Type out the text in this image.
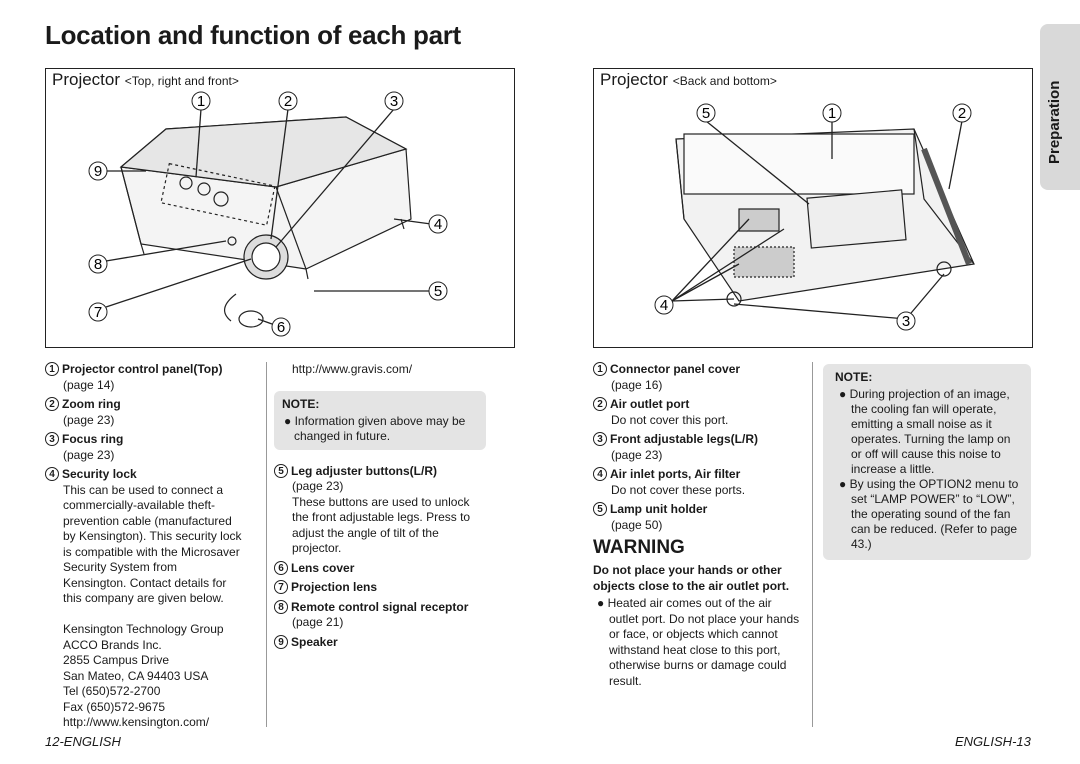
Location and function of each part
Preparation
Projector <Top, right and front>
1	2	3
4
5
6
7
8
9
Projector <Back and bottom>
5	1	2
4
3
1 Projector control panel(Top)
(page 14)
2 Zoom ring
(page 23)
3 Focus ring
(page 23)
4 Security lock
This can be used to connect a
commercially-available theft-
prevention cable (manufactured
by Kensington). This security lock
is compatible with the Microsaver
Security System from
Kensington. Contact details for
this company are given below.

Kensington Technology Group
ACCO Brands Inc.
2855 Campus Drive
San Mateo, CA 94403 USA
Tel (650)572-2700
Fax (650)572-9675
http://www.kensington.com/
http://www.gravis.com/
NOTE:
● Information given above may be changed in future.
5 Leg adjuster buttons(L/R)
(page 23)
These buttons are used to unlock
the front adjustable legs. Press to
adjust the angle of tilt of the
projector.
6 Lens cover
7 Projection lens
8 Remote control signal receptor
(page 21)
9 Speaker
1 Connector panel cover
(page 16)
2 Air outlet port
Do not cover this port.
3 Front adjustable legs(L/R)
(page 23)
4 Air inlet ports, Air filter
Do not cover these ports.
5 Lamp unit holder
(page 50)
WARNING
Do not place your hands or other objects close to the air outlet port.
● Heated air comes out of the air outlet port. Do not place your hands or face, or objects which cannot withstand heat close to this port, otherwise burns or damage could result.
NOTE:
● During projection of an image, the cooling fan will operate, emitting a small noise as it operates. Turning the lamp on or off will cause this noise to increase a little.
● By using the OPTION2 menu to set “LAMP POWER” to “LOW”, the operating sound of the fan can be reduced. (Refer to page 43.)
12-ENGLISH	ENGLISH-13
